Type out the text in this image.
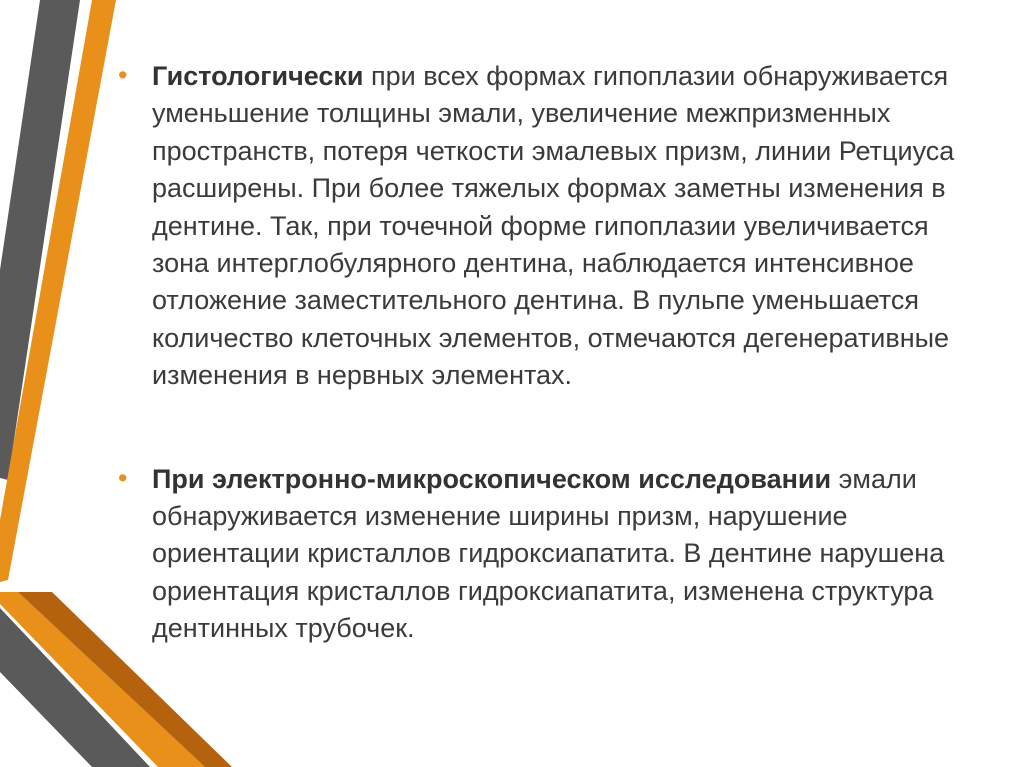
• Гистологически при всех формах гипоплазии обнаруживается уменьшение толщины эмали, увеличение межпризменных пространств, потеря четкости эмалевых призм, линии Ретциуса расширены. При более тяжелых формах заметны изменения в дентине. Так, при точечной форме гипоплазии увеличивается зона интерглобулярного дентина, наблюдается интенсивное отложение заместительного дентина. В пульпе уменьшается количество клеточных элементов, отмечаются дегенеративные изменения в нервных элементах.

• При электронно-микроскопическом исследовании эмали обнаруживается изменение ширины призм, нарушение ориентации кристаллов гидроксиапатита. В дентине нарушена ориентация кристаллов гидроксиапатита, изменена структура дентинных трубочек.
